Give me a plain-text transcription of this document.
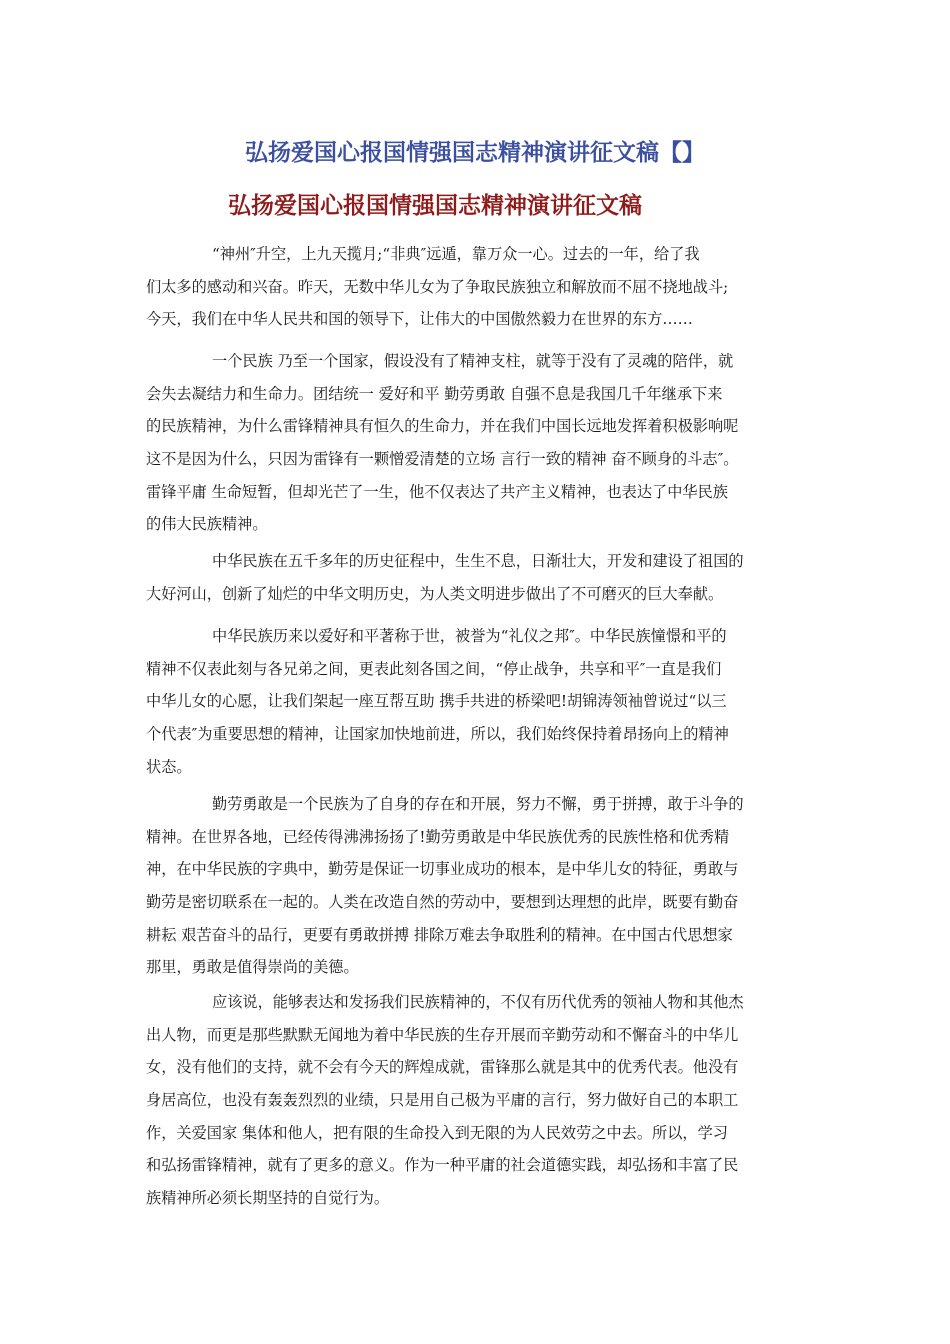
弘扬爱国心报国情强国志精神演讲征文稿【】
弘扬爱国心报国情强国志精神演讲征文稿
“神州″升空，上九天揽月;“非典″远遁，靠万众一心。过去的一年，给了我
们太多的感动和兴奋。昨天，无数中华儿女为了争取民族独立和解放而不屈不挠地战斗;
今天，我们在中华人民共和国的领导下，让伟大的中国傲然毅力在世界的东方……
一个民族 乃至一个国家，假设没有了精神支柱，就等于没有了灵魂的陪伴，就
会失去凝结力和生命力。团结统一 爱好和平 勤劳勇敢 自强不息是我国几千年继承下来
的民族精神，为什么雷锋精神具有恒久的生命力，并在我们中国长远地发挥着积极影响呢
这不是因为什么，只因为雷锋有一颗憎爱清楚的立场 言行一致的精神 奋不顾身的斗志″。
雷锋平庸 生命短暂，但却光芒了一生，他不仅表达了共产主义精神，也表达了中华民族
的伟大民族精神。
中华民族在五千多年的历史征程中，生生不息，日渐壮大，开发和建设了祖国的
大好河山，创新了灿烂的中华文明历史，为人类文明进步做出了不可磨灭的巨大奉献。
中华民族历来以爱好和平著称于世，被誉为“礼仪之邦″。中华民族憧憬和平的
精神不仅表此刻与各兄弟之间，更表此刻各国之间，“停止战争，共享和平″一直是我们
中华儿女的心愿，让我们架起一座互帮互助 携手共进的桥梁吧!胡锦涛领袖曾说过“以三
个代表″为重要思想的精神，让国家加快地前进，所以，我们始终保持着昂扬向上的精神
状态。
勤劳勇敢是一个民族为了自身的存在和开展，努力不懈，勇于拼搏，敢于斗争的
精神。在世界各地，已经传得沸沸扬扬了!勤劳勇敢是中华民族优秀的民族性格和优秀精
神，在中华民族的字典中，勤劳是保证一切事业成功的根本，是中华儿女的特征，勇敢与
勤劳是密切联系在一起的。人类在改造自然的劳动中，要想到达理想的此岸，既要有勤奋
耕耘 艰苦奋斗的品行，更要有勇敢拼搏 排除万难去争取胜利的精神。在中国古代思想家
那里，勇敢是值得崇尚的美德。
应该说，能够表达和发扬我们民族精神的，不仅有历代优秀的领袖人物和其他杰
出人物，而更是那些默默无闻地为着中华民族的生存开展而辛勤劳动和不懈奋斗的中华儿
女，没有他们的支持，就不会有今天的辉煌成就，雷锋那么就是其中的优秀代表。他没有
身居高位，也没有轰轰烈烈的业绩，只是用自己极为平庸的言行，努力做好自己的本职工
作，关爱国家 集体和他人，把有限的生命投入到无限的为人民效劳之中去。所以，学习
和弘扬雷锋精神，就有了更多的意义。作为一种平庸的社会道德实践，却弘扬和丰富了民
族精神所必须长期坚持的自觉行为。
